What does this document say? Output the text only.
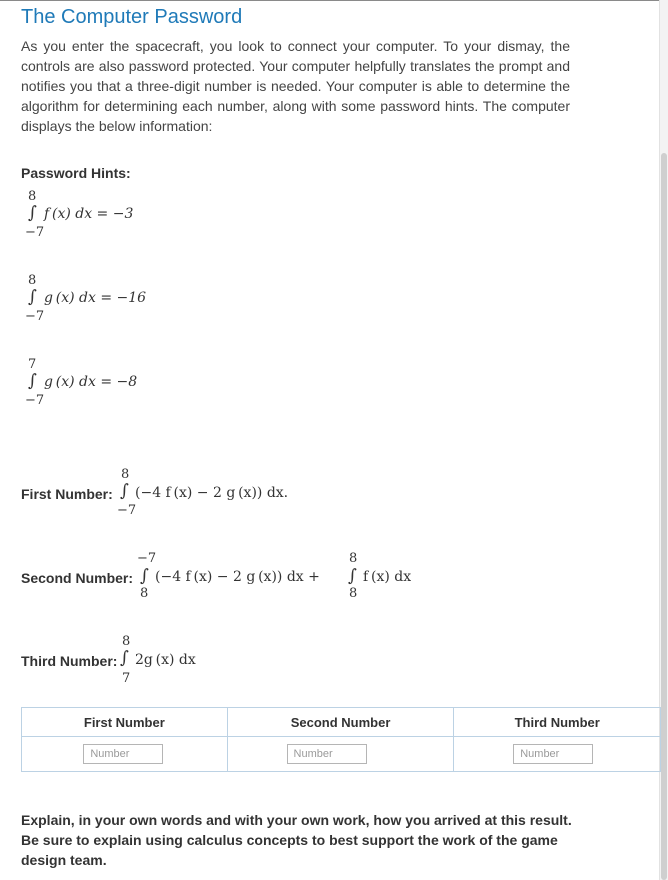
The Computer Password

As you enter the spacecraft, you look to connect your computer. To your dismay, the controls are also password protected. Your computer helpfully translates the prompt and notifies you that a three-digit number is needed. Your computer is able to determine the algorithm for determining each number, along with some password hints. The computer displays the below information:

Password Hints:
8
∫ f (x) dx = −3
−7
8
∫ g (x) dx = −16
−7
7
∫ g (x) dx = −8
−7
First Number:
8
∫ (−4 f (x) − 2 g (x)) dx.
−7
Second Number:
−7
∫
8
(−4 f (x) − 2 g (x)) dx +
8
∫
8
f (x) dx
Third Number:
8
∫ 2g (x) dx
7
First Number	Second Number	Third Number
Number	Number	Number

Explain, in your own words and with your own work, how you arrived at this result. Be sure to explain using calculus concepts to best support the work of the game design team.
